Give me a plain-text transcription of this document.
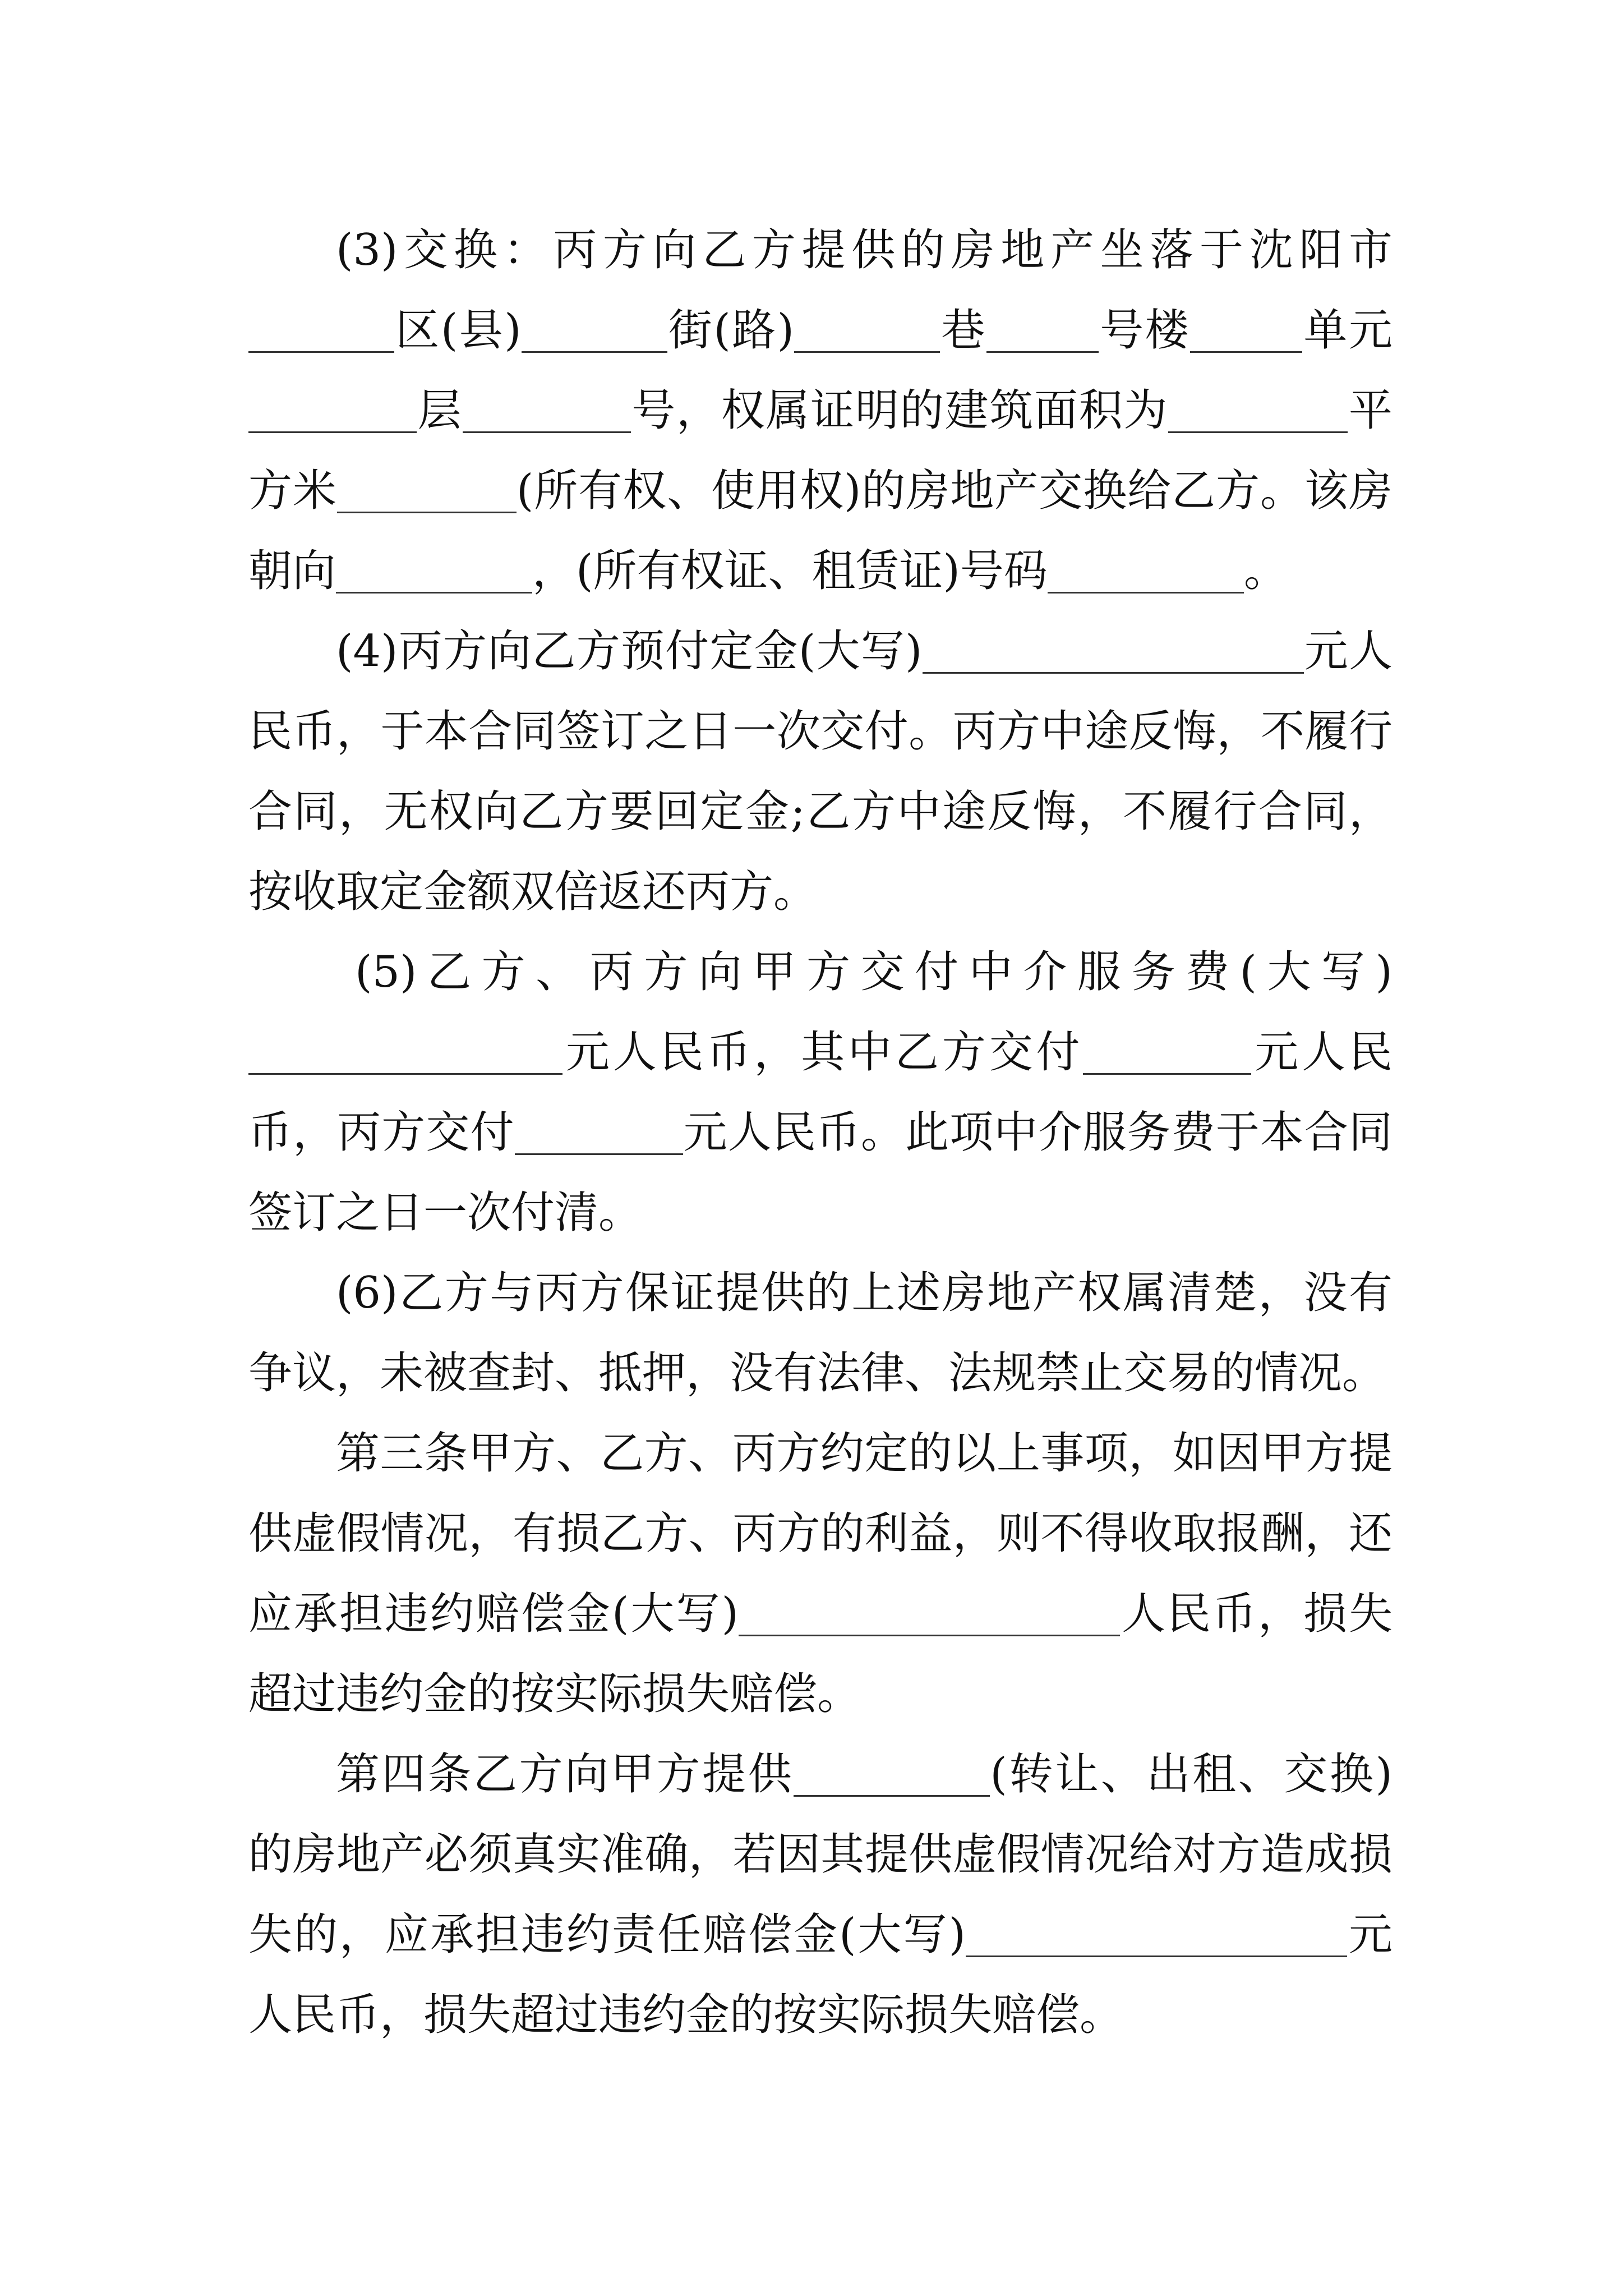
(3)交换：丙方向乙方提供的房地产坐落于沈阳市区(县)	街(路)	巷	号楼	单元层	号，权属证明的建筑面积为	平方米	(所有权、使用权)的房地产交换给乙方。该房朝向	，(所有权证、租赁证)号码	。

(4)丙方向乙方预付定金(大写)	元人民币，于本合同签订之日一次交付。丙方中途反悔，不履行合同，无权向乙方要回定金;乙方中途反悔，不履行合同，按收取定金额双倍返还丙方。

(5)乙方、丙方向甲方交付中介服务费(大写)元人民币，其中乙方交付	元人民币，丙方交付	元人民币。此项中介服务费于本合同签订之日一次付清。

(6)乙方与丙方保证提供的上述房地产权属清楚，没有争议，未被查封、抵押，没有法律、法规禁止交易的情况。

第三条甲方、乙方、丙方约定的以上事项，如因甲方提供虚假情况，有损乙方、丙方的利益，则不得收取报酬，还应承担违约赔偿金(大写)	人民币，损失超过违约金的按实际损失赔偿。

第四条乙方向甲方提供	(转让、出租、交换)的房地产必须真实准确，若因其提供虚假情况给对方造成损失的，应承担违约责任赔偿金(大写)	元人民币，损失超过违约金的按实际损失赔偿。
